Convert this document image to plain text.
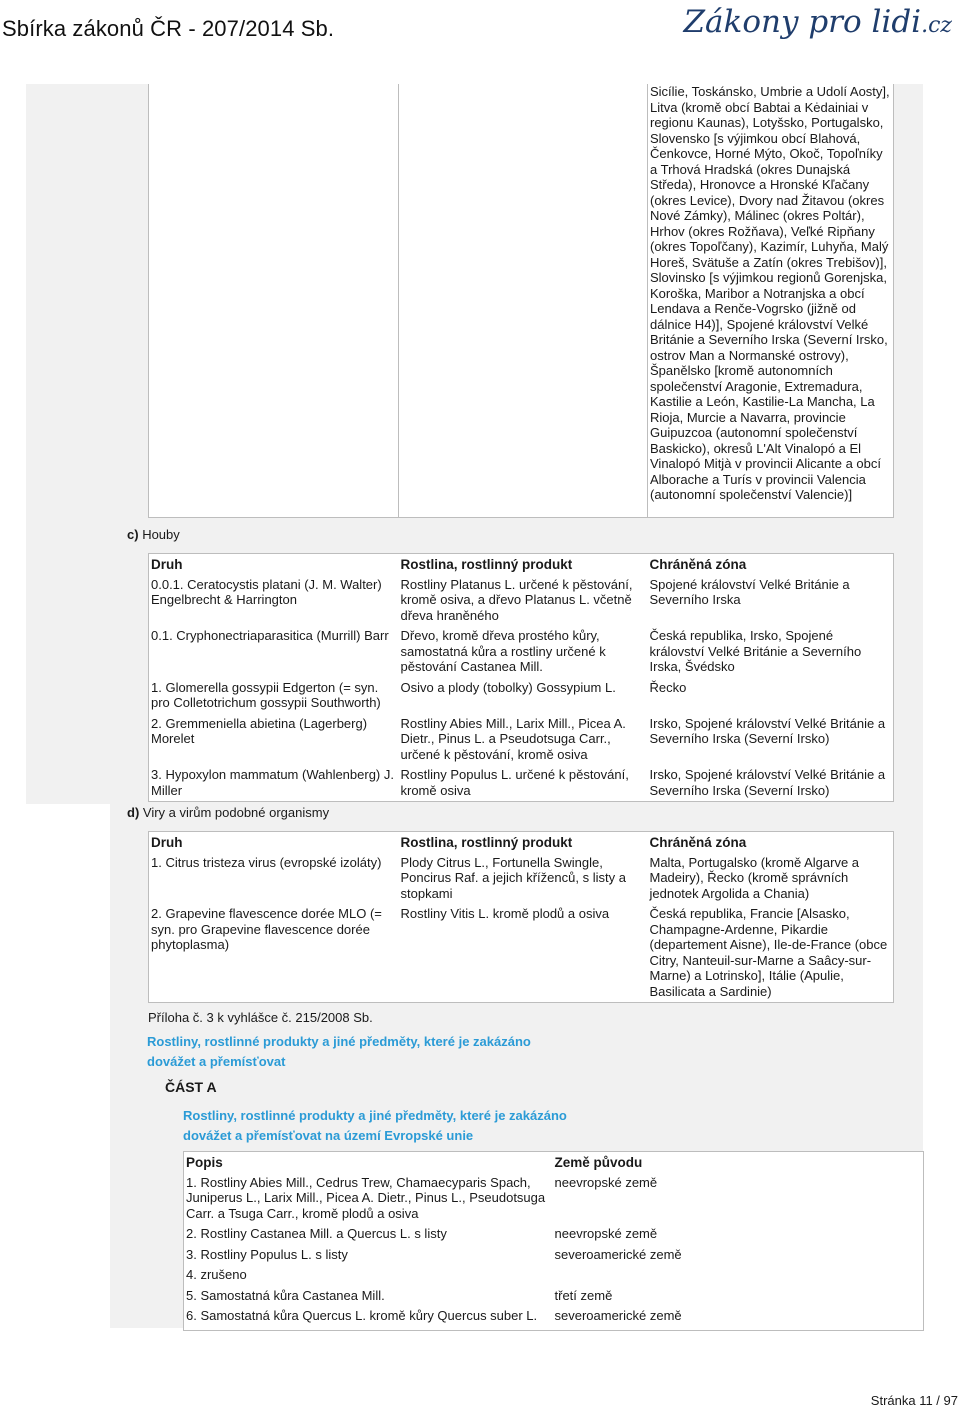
Sbírka zákonů ČR - 207/2014 Sb.	Zákony pro lidi.cz
		Sicílie, Toskánsko, Umbrie a Udolí Aosty], Litva (kromě obcí Babtai a Kėdainiai v regionu Kaunas), Lotyšsko, Portugalsko, Slovensko [s výjimkou obcí Blahová, Čenkovce, Horné Mýto, Okoč, Topoľníky a Trhová Hradská (okres Dunajská Středa), Hronovce a Hronské Kľačany (okres Levice), Dvory nad Žitavou (okres Nové Zámky), Málinec (okres Poltár), Hrhov (okres Rožňava), Veľké Ripňany (okres Topoľčany), Kazimír, Luhyňa, Malý Horeš, Svätuše a Zatín (okres Trebišov)], Slovinsko [s výjimkou regionů Gorenjska, Koroška, Maribor a Notranjska a obcí Lendava a Renče-Vogrsko (jižně od dálnice H4)], Spojené království Velké Británie a Severního Irska (Severní Irsko, ostrov Man a Normanské ostrovy), Španělsko [kromě autonomních společenství Aragonie, Extremadura, Kastilie a León, Kastilie-La Mancha, La Rioja, Murcie a Navarra, provincie Guipuzcoa (autonomní společenství Baskicko), okresů L'Alt Vinalopó a El Vinalopó Mitjà v provincii Alicante a obcí Alborache a Turís v provincii Valencia (autonomní společenství Valencie)]
c) Houby
Druh	Rostlina, rostlinný produkt	Chráněná zóna
0.0.1. Ceratocystis platani (J. M. Walter) Engelbrecht & Harrington	Rostliny Platanus L. určené k pěstování, kromě osiva, a dřevo Platanus L. včetně dřeva hraněného	Spojené království Velké Británie a Severního Irska
0.1. Cryphonectriaparasitica (Murrill) Barr	Dřevo, kromě dřeva prostého kůry, samostatná kůra a rostliny určené k pěstování Castanea Mill.	Česká republika, Irsko, Spojené království Velké Británie a Severního Irska, Švédsko
1. Glomerella gossypii Edgerton (= syn. pro Colletotrichum gossypii Southworth)	Osivo a plody (tobolky) Gossypium L.	Řecko
2. Gremmeniella abietina (Lagerberg) Morelet	Rostliny Abies Mill., Larix Mill., Picea A. Dietr., Pinus L. a Pseudotsuga Carr., určené k pěstování, kromě osiva	Irsko, Spojené království Velké Británie a Severního Irska (Severní Irsko)
3. Hypoxylon mammatum (Wahlenberg) J. Miller	Rostliny Populus L. určené k pěstování, kromě osiva	Irsko, Spojené království Velké Británie a Severního Irska (Severní Irsko)
d) Viry a virům podobné organismy
Druh	Rostlina, rostlinný produkt	Chráněná zóna
1. Citrus tristeza virus (evropské izoláty)	Plody Citrus L., Fortunella Swingle, Poncirus Raf. a jejich kříženců, s listy a stopkami	Malta, Portugalsko (kromě Algarve a Madeiry), Řecko (kromě správních jednotek Argolida a Chania)
2. Grapevine flavescence dorée MLO (= syn. pro Grapevine flavescence dorée phytoplasma)	Rostliny Vitis L. kromě plodů a osiva	Česká republika, Francie [Alsasko, Champagne-Ardenne, Pikardie (departement Aisne), Ile-de-France (obce Citry, Nanteuil-sur-Marne a Saâcy-sur-Marne) a Lotrinsko], Itálie (Apulie, Basilicata a Sardinie)
Příloha č. 3 k vyhlášce č. 215/2008 Sb.
Rostliny, rostlinné produkty a jiné předměty, které je zakázáno dovážet a přemísťovat
ČÁST A
Rostliny, rostlinné produkty a jiné předměty, které je zakázáno dovážet a přemísťovat na území Evropské unie
Popis	Země původu
1. Rostliny Abies Mill., Cedrus Trew, Chamaecyparis Spach, Juniperus L., Larix Mill., Picea A. Dietr., Pinus L., Pseudotsuga Carr. a Tsuga Carr., kromě plodů a osiva	neevropské země
2. Rostliny Castanea Mill. a Quercus L. s listy	neevropské země
3. Rostliny Populus L. s listy	severoamerické země
4. zrušeno	
5. Samostatná kůra Castanea Mill.	třetí země
6. Samostatná kůra Quercus L. kromě kůry Quercus suber L.	severoamerické země

Stránka 11 / 97
